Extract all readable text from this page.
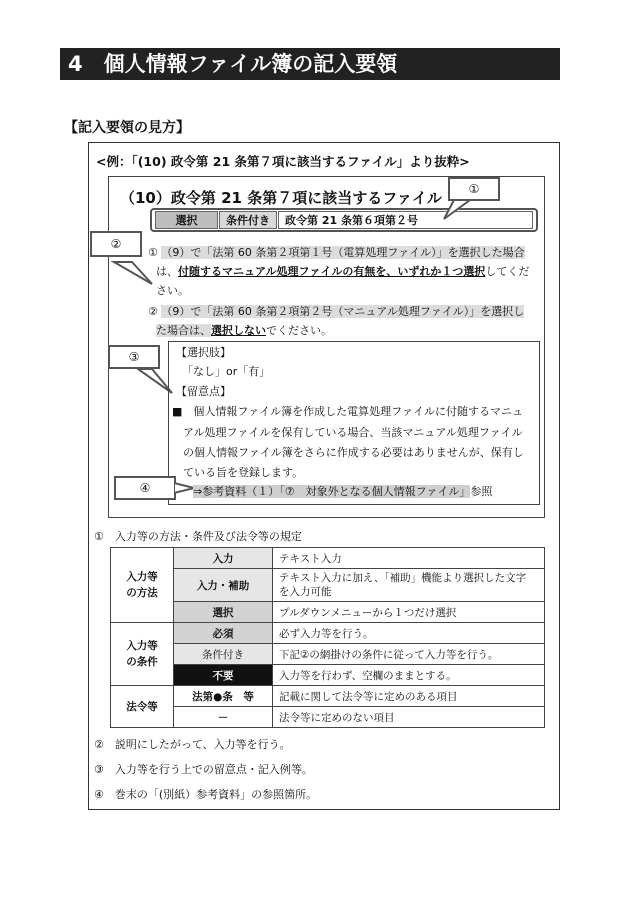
4　個人情報ファイル簿の記入要領
【記入要領の見方】
<例：「(10) 政令第 21 条第７項に該当するファイル」より抜粋>
（10）政令第 21 条第７項に該当するファイル
選択	条件付き	政令第 21 条第６項第２号
①
②
① （9）で「法第 60 条第２項第１号（電算処理ファイル）」を選択した場合
は、付随するマニュアル処理ファイルの有無を、いずれか１つ選択してくだ
さい。
② （9）で「法第 60 条第２項第２号（マニュアル処理ファイル）」を選択し
た場合は、選択しないでください。
③	【選択肢】
「なし」or「有」
【留意点】
■　個人情報ファイル簿を作成した電算処理ファイルに付随するマニュ
アル処理ファイルを保有している場合、当該マニュアル処理ファイル
の個人情報ファイル簿をさらに作成する必要はありませんが、保有し
ている旨を登録します。
④	⇒参考資料（１）「⑦　対象外となる個人情報ファイル」参照
①　入力等の方法・条件及び法令等の規定
入力等
の方法	入力	テキスト入力
	入力・補助	テキスト入力に加え、「補助」機能より選択した文字
を入力可能
	選択	プルダウンメニューから１つだけ選択
入力等
の条件	必須	必ず入力等を行う。
	条件付き	下記②の網掛けの条件に従って入力等を行う。
	不要	入力等を行わず、空欄のままとする。
法令等	法第●条　等	記載に関して法令等に定めのある項目
	－	法令等に定めのない項目
②　説明にしたがって、入力等を行う。
③　入力等を行う上での留意点・記入例等。
④　巻末の「(別紙）参考資料」の参照箇所。
